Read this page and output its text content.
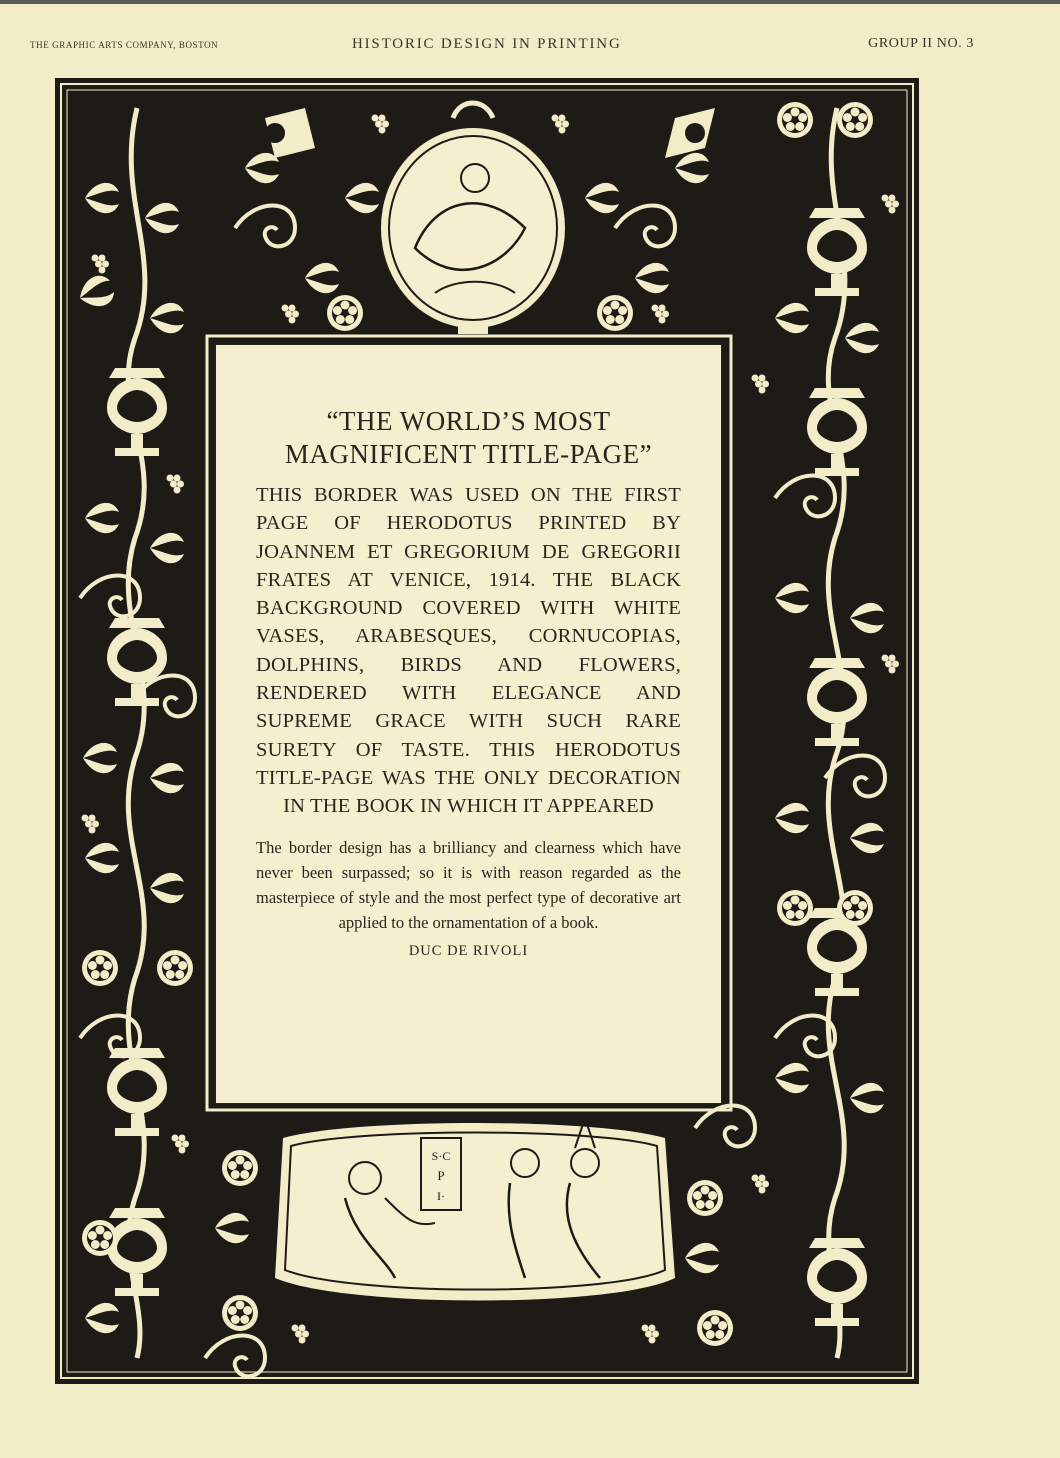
THE GRAPHIC ARTS COMPANY, BOSTON	HISTORIC DESIGN IN PRINTING	GROUP II NO. 3
S·C
P
I·
“THE WORLD’S MOST
MAGNIFICENT TITLE-PAGE”
THIS BORDER WAS USED ON THE FIRST PAGE OF HERODOTUS PRINTED BY JOANNEM ET GREGORIUM DE GREGORII FRATES AT VENICE, 1914. THE BLACK BACKGROUND COVERED WITH WHITE VASES, ARABESQUES, CORNUCOPIAS, DOLPHINS, BIRDS AND FLOWERS, RENDERED WITH ELEGANCE AND SUPREME GRACE WITH SUCH RARE SURETY OF TASTE. THIS HERODOTUS TITLE-PAGE WAS THE ONLY DECORATION IN THE BOOK IN WHICH IT APPEARED
The border design has a brilliancy and clearness which have never been surpassed; so it is with reason regarded as the masterpiece of style and the most perfect type of decorative art applied to the ornamentation of a book.
DUC DE RIVOLI
